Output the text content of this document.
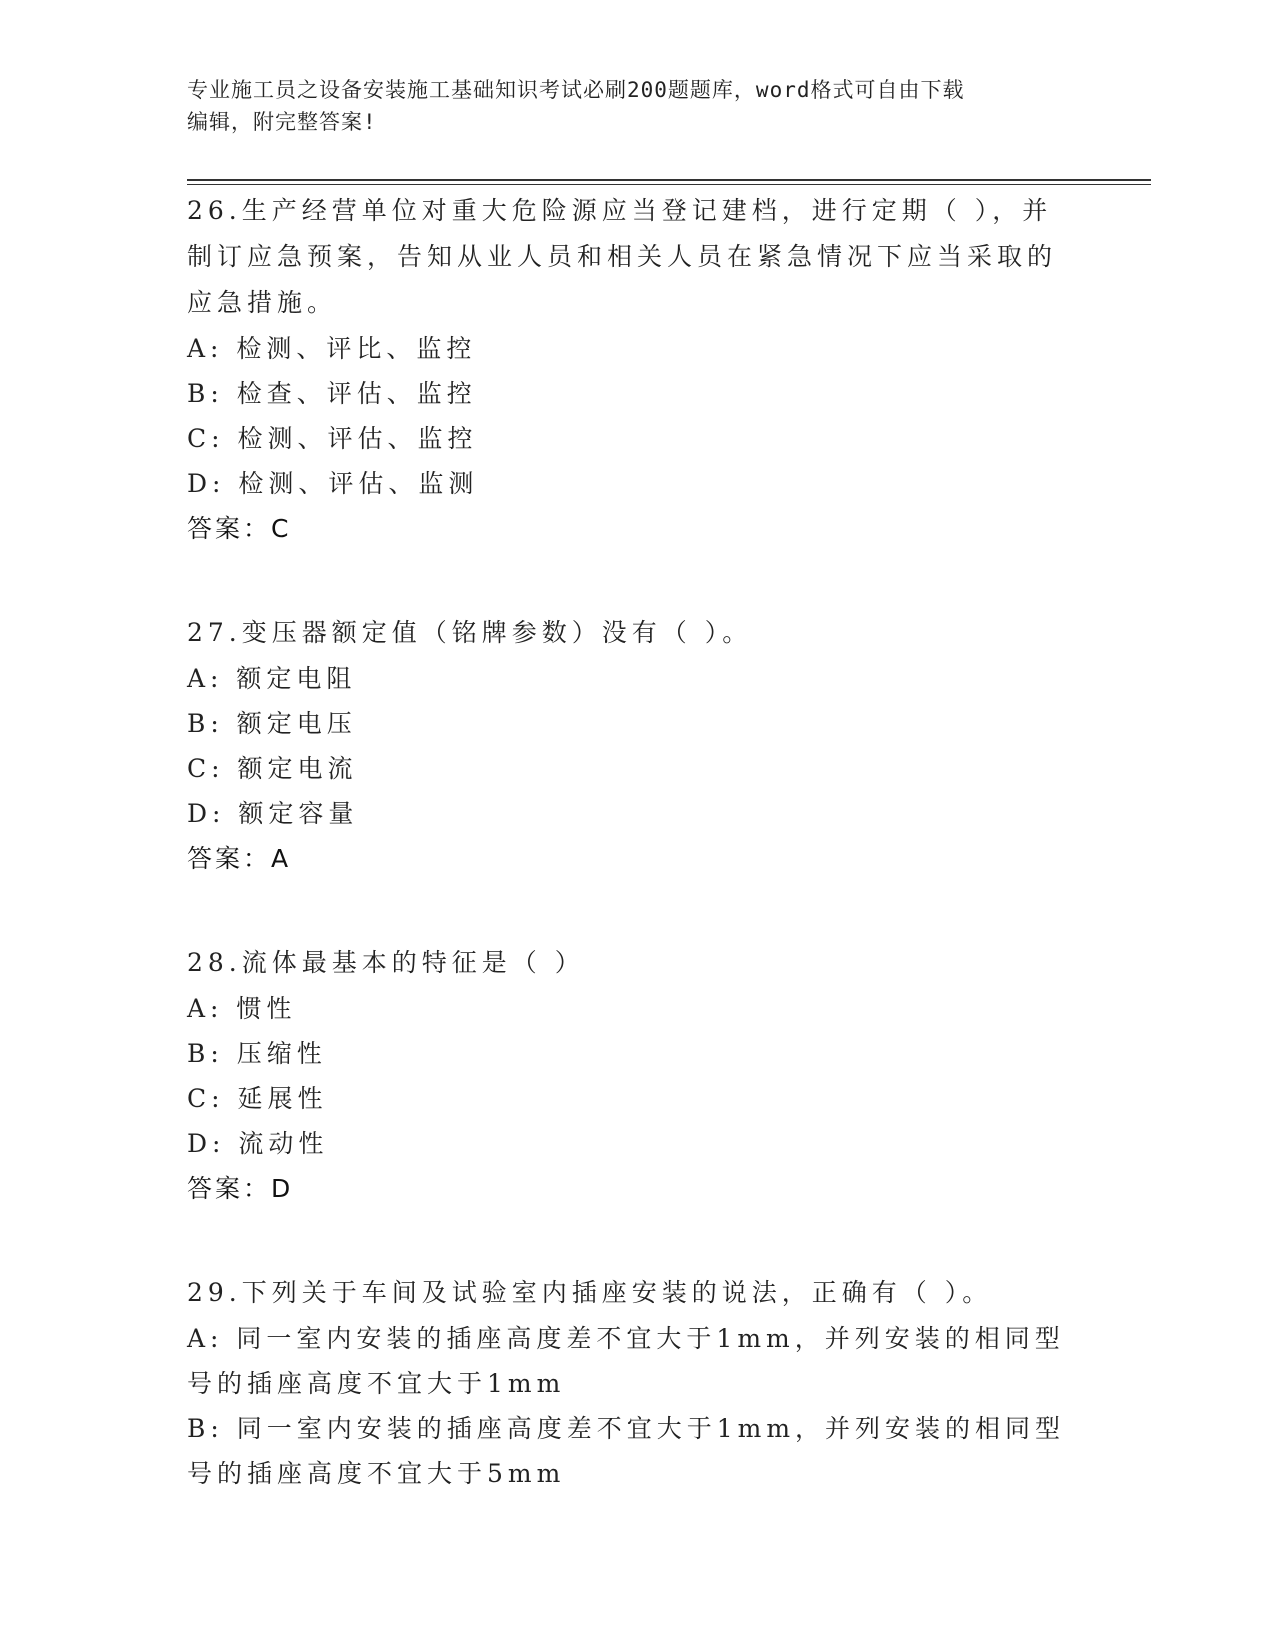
专业施工员之设备安装施工基础知识考试必刷200题题库，word格式可自由下载
编辑，附完整答案!

26.生产经营单位对重大危险源应当登记建档，进行定期（ ），并制订应急预案，告知从业人员和相关人员在紧急情况下应当采取的应急措施。

A: 检测、评比、监控

B: 检查、评估、监控

C: 检测、评估、监控

D: 检测、评估、监测

答案：C

27.变压器额定值（铭牌参数）没有（ ）。

A: 额定电阻

B: 额定电压

C: 额定电流

D: 额定容量

答案：A

28.流体最基本的特征是（ ）

A: 惯性

B: 压缩性

C: 延展性

D: 流动性

答案：D

29.下列关于车间及试验室内插座安装的说法，正确有（ ）。

A: 同一室内安装的插座高度差不宜大于1mm，并列安装的相同型号的插座高度不宜大于1mm

B: 同一室内安装的插座高度差不宜大于1mm，并列安装的相同型号的插座高度不宜大于5mm
